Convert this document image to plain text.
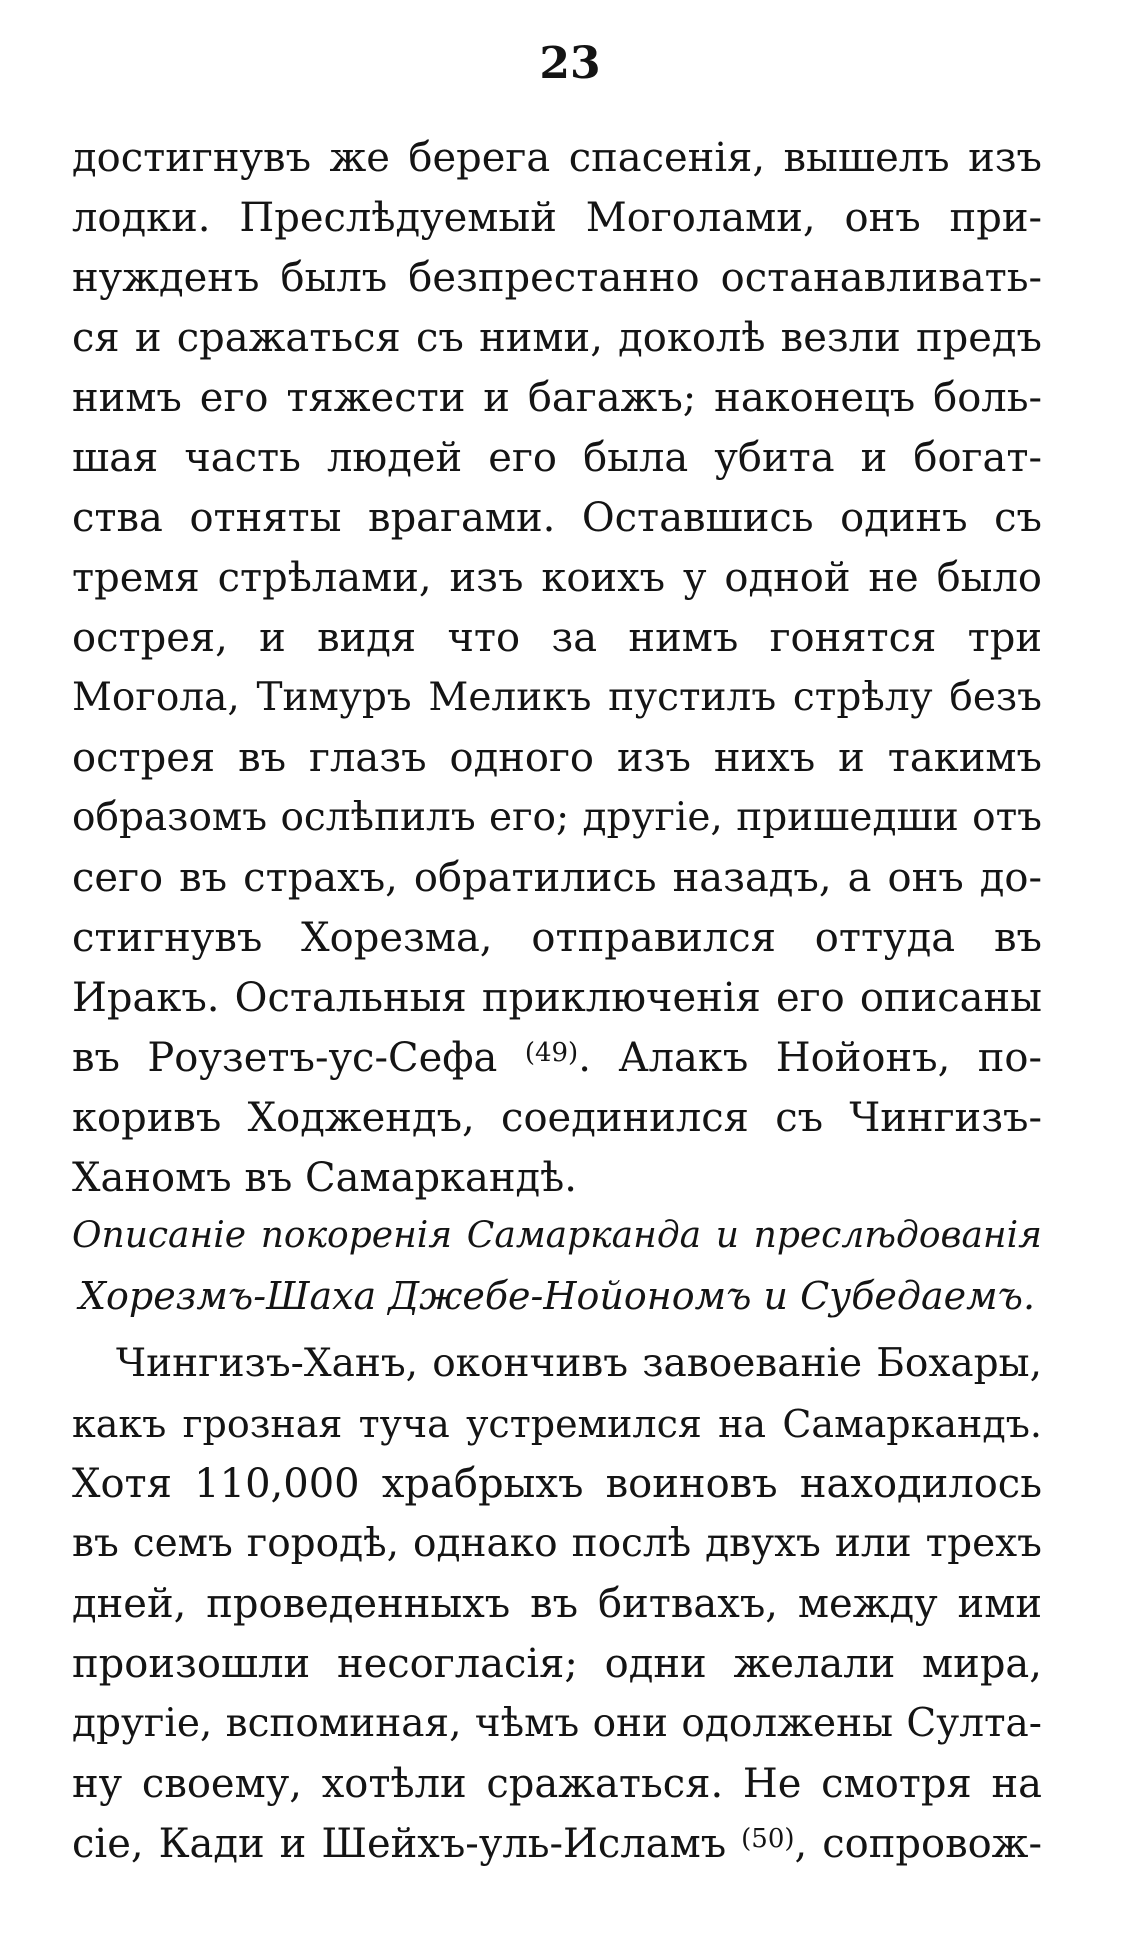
23
достигнувъ же берега спасенія, вышелъ изъ
лодки. Преслѣдуемый Моголами, онъ при-
нужденъ былъ безпрестанно останавливать-
ся и сражаться съ ними, доколѣ везли предъ
нимъ его тяжести и багажъ; наконецъ боль-
шая часть людей его была убита и богат-
ства отняты врагами. Оставшись одинъ съ
тремя стрѣлами, изъ коихъ у одной не было
острея, и видя что за нимъ гонятся три
Могола, Тимуръ Меликъ пустилъ стрѣлу безъ
острея въ глазъ одного изъ нихъ и такимъ
образомъ ослѣпилъ его; другіе, пришедши отъ
сего въ страхъ, обратились назадъ, а онъ до-
стигнувъ Хорезма, отправился оттуда въ
Иракъ. Остальныя приключенія его описаны
въ Роузетъ-ус-Сефа $^{(49)}$. Алакъ Нойонъ, по-
коривъ Ходжендъ, соединился съ Чингизъ-
Ханомъ въ Самаркандѣ.
Описаніе покоренія Самарканда и преслѣдованія
Хорезмъ-Шаха Джебе-Нойономъ и Субедаемъ.
Чингизъ-Ханъ, окончивъ завоеваніе Бохары,
какъ грозная туча устремился на Самаркандъ.
Хотя 110,000 храбрыхъ воиновъ находилось
въ семъ городѣ, однако послѣ двухъ или трехъ
дней, проведенныхъ въ битвахъ, между ими
произошли несогласія; одни желали мира,
другіе, вспоминая, чѣмъ они одолжены Султа-
ну своему, хотѣли сражаться. Не смотря на
сіе, Кади и Шейхъ-уль-Исламъ $^{(50)}$, сопровож-
